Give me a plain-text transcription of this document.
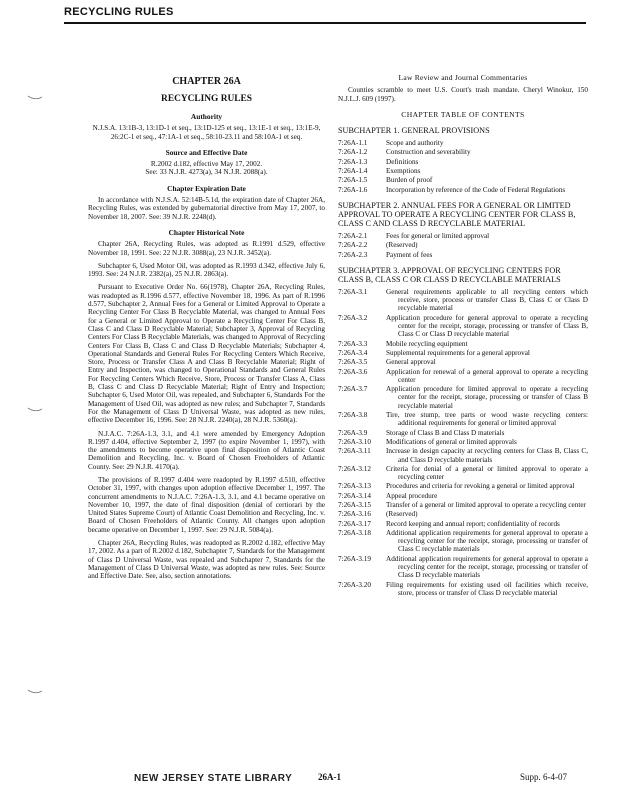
RECYCLING RULES
CHAPTER 26A
RECYCLING RULES
Authority
N.J.S.A. 13:1B-3, 13:1D-1 et seq., 13:1D-125 et seq., 13:1E-1 et seq., 13:1E-9, 26:2C-1 et seq., 47:1A-1 et seq., 58:10-23.11 and 58:10A-1 et seq.
Source and Effective Date
R.2002 d.182, effective May 17, 2002.
See: 33 N.J.R. 4273(a), 34 N.J.R. 2088(a).
Chapter Expiration Date
In accordance with N.J.S.A. 52:14B-5.1d, the expiration date of Chapter 26A, Recycling Rules, was extended by gubernatorial directive from May 17, 2007, to November 18, 2007. See: 39 N.J.R. 2248(d).
Chapter Historical Note
Chapter 26A, Recycling Rules, was adopted as R.1991 d.529, effective November 18, 1991. See: 22 N.J.R. 3088(a), 23 N.J.R. 3452(a).
Subchapter 6, Used Motor Oil, was adopted as R.1993 d.342, effective July 6, 1993. See: 24 N.J.R. 2382(a), 25 N.J.R. 2863(a).
Pursuant to Executive Order No. 66(1978), Chapter 26A, Recycling Rules, was readopted as R.1996 d.577, effective November 18, 1996. As part of R.1996 d.577, Subchapter 2, Annual Fees for a General or Limited Approval to Operate a Recycling Center For Class B Recyclable Material, was changed to Annual Fees for a General or Limited Approval to Operate a Recycling Center For Class B, Class C and Class D Recyclable Material; Subchapter 3, Approval of Recycling Centers For Class B Recyclable Materials, was changed to Approval of Recycling Centers For Class B, Class C and Class D Recyclable Materials; Subchapter 4, Operational Standards and General Rules For Recycling Centers Which Receive, Store, Process or Transfer Class A and Class B Recyclable Material; Right of Entry and Inspection, was changed to Operational Standards and General Rules For Recycling Centers Which Receive, Store, Process or Transfer Class A, Class B, Class C and Class D Recyclable Material; Right of Entry and Inspection; Subchapter 6, Used Motor Oil, was repealed, and Subchapter 6, Standards For the Management of Used Oil, was adopted as new rules; and Subchapter 7, Standards For the Management of Class D Universal Waste, was adopted as new rules, effective December 16, 1996. See: 28 N.J.R. 2240(a), 28 N.J.R. 5360(a).
N.J.A.C. 7:26A-1.3, 3.1, and 4.1 were amended by Emergency Adoption R.1997 d.404, effective September 2, 1997 (to expire November 1, 1997), with the amendments to become operative upon final disposition of Atlantic Coast Demolition and Recycling, Inc. v. Board of Chosen Freeholders of Atlantic County. See: 29 N.J.R. 4170(a).
The provisions of R.1997 d.404 were readopted by R.1997 d.510, effective October 31, 1997, with changes upon adoption effective December 1, 1997. The concurrent amendments to N.J.A.C. 7:26A-1.3, 3.1, and 4.1 became operative on November 10, 1997, the date of final disposition (denial of certiorari by the United States Supreme Court) of Atlantic Coast Demolition and Recycling, Inc. v. Board of Chosen Freeholders of Atlantic County. All changes upon adoption became operative on December 1, 1997. See: 29 N.J.R. 5084(a).
Chapter 26A, Recycling Rules, was readopted as R.2002 d.182, effective May 17, 2002. As a part of R.2002 d.182, Subchapter 7, Standards for the Management of Class D Universal Waste, was repealed and Subchapter 7, Standards for the Management of Class D Universal Waste, was adopted as new rules. See: Source and Effective Date. See, also, section annotations.
Law Review and Journal Commentaries
Counties scramble to meet U.S. Court's trash mandate. Cheryl Winokur, 150 N.J.L.J. 609 (1997).
CHAPTER TABLE OF CONTENTS
SUBCHAPTER 1. GENERAL PROVISIONS
7:26A-1.1	Scope and authority
7:26A-1.2	Construction and severability
7:26A-1.3	Definitions
7:26A-1.4	Exemptions
7:26A-1.5	Burden of proof
7:26A-1.6	Incorporation by reference of the Code of Federal Regulations
SUBCHAPTER 2. ANNUAL FEES FOR A GENERAL OR LIMITED APPROVAL TO OPERATE A RECYCLING CENTER FOR CLASS B, CLASS C AND CLASS D RECYCLABLE MATERIAL
7:26A-2.1	Fees for general or limited approval
7:26A-2.2	(Reserved)
7:26A-2.3	Payment of fees
SUBCHAPTER 3. APPROVAL OF RECYCLING CENTERS FOR CLASS B, CLASS C OR CLASS D RECYCLABLE MATERIALS
7:26A-3.1	General requirements applicable to all recycling centers which receive, store, process or transfer Class B, Class C or Class D recyclable material
7:26A-3.2	Application procedure for general approval to operate a recycling center for the receipt, storage, processing or transfer of Class B, Class C or Class D recyclable material
7:26A-3.3	Mobile recycling equipment
7:26A-3.4	Supplemental requirements for a general approval
7:26A-3.5	General approval
7:26A-3.6	Application for renewal of a general approval to operate a recycling center
7:26A-3.7	Application procedure for limited approval to operate a recycling center for the receipt, storage, processing or transfer of Class B recyclable material
7:26A-3.8	Tire, tree stump, tree parts or wood waste recycling centers: additional requirements for general or limited approval
7:26A-3.9	Storage of Class B and Class D materials
7:26A-3.10	Modifications of general or limited approvals
7:26A-3.11	Increase in design capacity at recycling centers for Class B, Class C, and Class D recyclable materials
7:26A-3.12	Criteria for denial of a general or limited approval to operate a recycling center
7:26A-3.13	Procedures and criteria for revoking a general or limited approval
7:26A-3.14	Appeal procedure
7:26A-3.15	Transfer of a general or limited approval to operate a recycling center
7:26A-3.16	(Reserved)
7:26A-3.17	Record keeping and annual report; confidentiality of records
7:26A-3.18	Additional application requirements for general approval to operate a recycling center for the receipt, storage, processing or transfer of Class C recyclable materials
7:26A-3.19	Additional application requirements for general approval to operate a recycling center for the receipt, storage, processing or transfer of Class D recyclable materials
7:26A-3.20	Filing requirements for existing used oil facilities which receive, store, process or transfer of Class D recyclable material
NEW JERSEY STATE LIBRARY	26A-1	Supp. 6-4-07
